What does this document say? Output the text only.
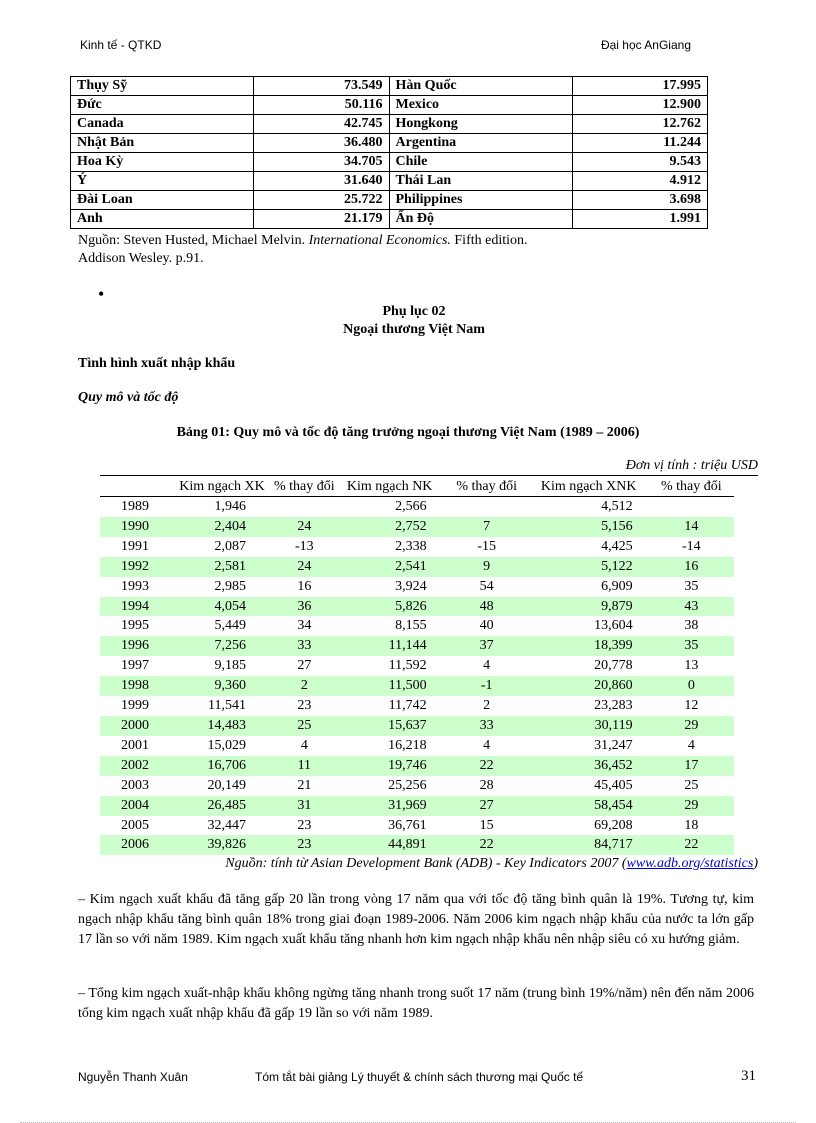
Kinh tế - QTKD	Đại học AnGiang
Thụy Sỹ	73.549	Hàn Quốc	17.995
Đức	50.116	Mexico	12.900
Canada	42.745	Hongkong	12.762
Nhật Bản	36.480	Argentina	11.244
Hoa Kỳ	34.705	Chile	9.543
Ý	31.640	Thái Lan	4.912
Đài Loan	25.722	Philippines	3.698
Anh	21.179	Ấn Độ	1.991
Nguồn: Steven Husted, Michael Melvin. International Economics. Fifth edition.
Addison Wesley. p.91.
•
Phụ lục 02
Ngoại thương Việt Nam
Tình hình xuất nhập khẩu
Quy mô và tốc độ
Bảng 01: Quy mô và tốc độ tăng trưởng ngoại thương Việt Nam (1989 – 2006)
Đơn vị tính : triệu USD
	Kim ngạch XK	% thay đổi	Kim ngạch NK	% thay đổi	Kim ngạch XNK	% thay đổi
1989	1,946		2,566		4,512	
1990	2,404	24	2,752	7	5,156	14
1991	2,087	-13	2,338	-15	4,425	-14
1992	2,581	24	2,541	9	5,122	16
1993	2,985	16	3,924	54	6,909	35
1994	4,054	36	5,826	48	9,879	43
1995	5,449	34	8,155	40	13,604	38
1996	7,256	33	11,144	37	18,399	35
1997	9,185	27	11,592	4	20,778	13
1998	9,360	2	11,500	-1	20,860	0
1999	11,541	23	11,742	2	23,283	12
2000	14,483	25	15,637	33	30,119	29
2001	15,029	4	16,218	4	31,247	4
2002	16,706	11	19,746	22	36,452	17
2003	20,149	21	25,256	28	45,405	25
2004	26,485	31	31,969	27	58,454	29
2005	32,447	23	36,761	15	69,208	18
2006	39,826	23	44,891	22	84,717	22
Nguồn: tính từ Asian Development Bank (ADB) - Key Indicators 2007 (www.adb.org/statistics)
– Kim ngạch xuất khẩu đã tăng gấp 20 lần trong vòng 17 năm qua với tốc độ tăng bình quân là 19%. Tương tự, kim ngạch nhập khẩu tăng bình quân 18% trong giai đoạn 1989-2006. Năm 2006 kim ngạch nhập khẩu của nước ta lớn gấp 17 lần so với năm 1989. Kim ngạch xuất khẩu tăng nhanh hơn kim ngạch nhập khẩu nên nhập siêu có xu hướng giảm.
– Tổng kim ngạch xuất-nhập khẩu không ngừng tăng nhanh trong suốt 17 năm (trung bình 19%/năm) nên đến năm 2006 tổng kim ngạch xuất nhập khẩu đã gấp 19 lần so với năm 1989.
Nguyễn Thanh Xuân	Tóm tắt bài giảng Lý thuyết & chính sách thương mại Quốc tế	31
